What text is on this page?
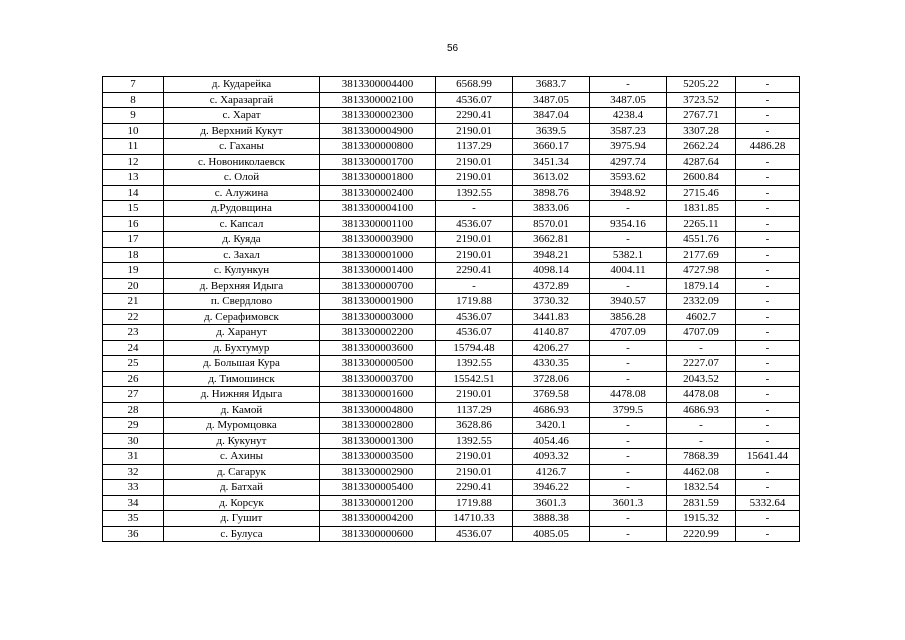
56
7	д. Кударейка	3813300004400	6568.99	3683.7	-	5205.22	-
8	с. Харазаргай	3813300002100	4536.07	3487.05	3487.05	3723.52	-
9	с. Харат	3813300002300	2290.41	3847.04	4238.4	2767.71	-
10	д. Верхний Кукут	3813300004900	2190.01	3639.5	3587.23	3307.28	-
11	с. Гаханы	3813300000800	1137.29	3660.17	3975.94	2662.24	4486.28
12	с. Новониколаевск	3813300001700	2190.01	3451.34	4297.74	4287.64	-
13	с. Олой	3813300001800	2190.01	3613.02	3593.62	2600.84	-
14	с. Алужина	3813300002400	1392.55	3898.76	3948.92	2715.46	-
15	д.Рудовщина	3813300004100	-	3833.06	-	1831.85	-
16	с. Капсал	3813300001100	4536.07	8570.01	9354.16	2265.11	-
17	д. Куяда	3813300003900	2190.01	3662.81	-	4551.76	-
18	с. Захал	3813300001000	2190.01	3948.21	5382.1	2177.69	-
19	с. Кулункун	3813300001400	2290.41	4098.14	4004.11	4727.98	-
20	д. Верхняя Идыга	3813300000700	-	4372.89	-	1879.14	-
21	п. Свердлово	3813300001900	1719.88	3730.32	3940.57	2332.09	-
22	д. Серафимовск	3813300003000	4536.07	3441.83	3856.28	4602.7	-
23	д. Харанут	3813300002200	4536.07	4140.87	4707.09	4707.09	-
24	д. Бухтумур	3813300003600	15794.48	4206.27	-	-	-
25	д. Большая Кура	3813300000500	1392.55	4330.35	-	2227.07	-
26	д. Тимошинск	3813300003700	15542.51	3728.06	-	2043.52	-
27	д. Нижняя Идыга	3813300001600	2190.01	3769.58	4478.08	4478.08	-
28	д. Камой	3813300004800	1137.29	4686.93	3799.5	4686.93	-
29	д. Муромцовка	3813300002800	3628.86	3420.1	-	-	-
30	д. Кукунут	3813300001300	1392.55	4054.46	-	-	-
31	с. Ахины	3813300003500	2190.01	4093.32	-	7868.39	15641.44
32	д. Сагарук	3813300002900	2190.01	4126.7	-	4462.08	-
33	д. Батхай	3813300005400	2290.41	3946.22	-	1832.54	-
34	д. Корсук	3813300001200	1719.88	3601.3	3601.3	2831.59	5332.64
35	д. Гушит	3813300004200	14710.33	3888.38	-	1915.32	-
36	с. Булуса	3813300000600	4536.07	4085.05	-	2220.99	-
